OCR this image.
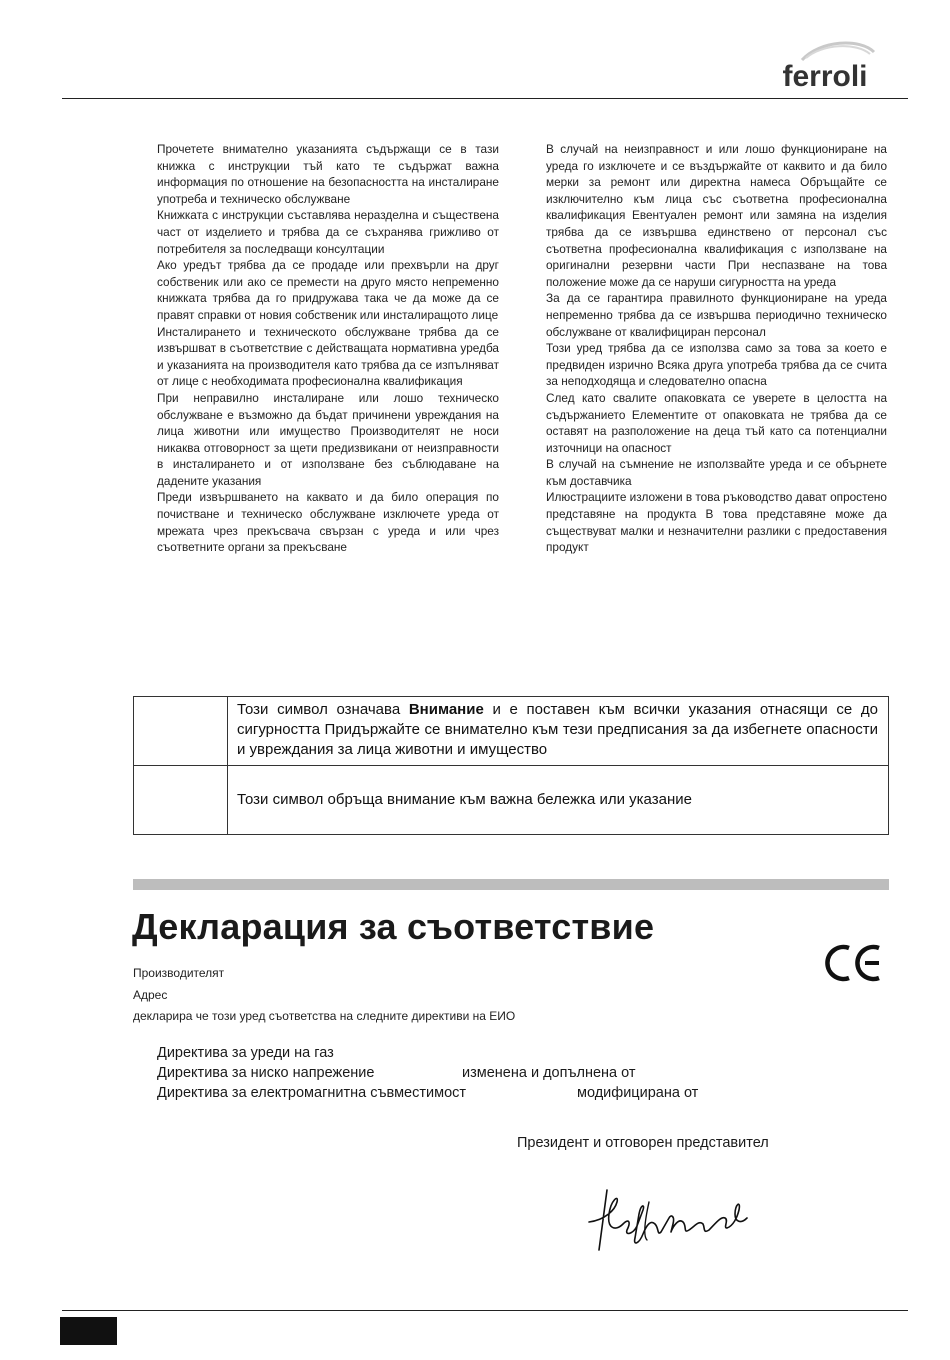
ferroli

Прочетете внимателно указанията съдържащи се в тази книжка с инструкции тъй като те съдържат важна информация по отношение на безопасността на инсталиране употреба и техническо обслужване

Книжката с инструкции съставлява неразделна и съществена част от изделието и трябва да се съхранява грижливо от потребителя за последващи консултации

Ако уредът трябва да се продаде или прехвърли на друг собственик или ако се премести на друго място непременно книжката трябва да го придружава така че да може да се правят справки от новия собственик или инсталиращото лице

Инсталирането и техническото обслужване трябва да се извършват в съответствие с действащата нормативна уредба и указанията на производителя като трябва да се изпълняват от лице с необходимата професионална квалификация

При неправилно инсталиране или лошо техническо обслужване е възможно да бъдат причинени увреждания на лица животни или имущество Производителят не носи никаква отговорност за щети предизвикани от неизправности в инсталирането и от използване без съблюдаване на дадените указания

Преди извършването на каквато и да било операция по почистване и техническо обслужване изключете уреда от мрежата чрез прекъсвача свързан с уреда и или чрез съответните органи за прекъсване

В случай на неизправност и или лошо функциониране на уреда го изключете и се въздържайте от каквито и да било мерки за ремонт или директна намеса Обръщайте се изключително към лица със съответна професионална квалификация Евентуален ремонт или замяна на изделия трябва да се извършва единствено от персонал със съответна професионална квалификация с използване на оригинални резервни части При неспазване на това положение може да се наруши сигурността на уреда

За да се гарантира правилното функциониране на уреда непременно трябва да се извършва периодично техническо обслужване от квалифициран персонал

Този уред трябва да се използва само за това за което е предвиден изрично Всяка друга употреба трябва да се счита за неподходяща и следователно опасна

След като свалите опаковката се уверете в целостта на съдържанието Елементите от опаковката не трябва да се оставят на разположение на деца тъй като са потенциални източници на опасност

В случай на съмнение не използвайте уреда и се обърнете към доставчика

Илюстрациите изложени в това ръководство дават опростено представяне на продукта В това представяне може да съществуват малки и незначителни разлики с предоставения продукт

	Този символ означава Внимание и е поставен към всички указания отнасящи се до сигурността Придържайте се внимателно към тези предписания за да избегнете опасности и увреждания за лица животни и имущество
	Този символ обръща внимание към важна бележка или указание
Декларация за съответствие
Производителят
Адрес
декларира че този уред съответства на следните директиви на ЕИО
Директива за уреди на газ
Директива за ниско напрежение	изменена и допълнена от
Директива за електромагнитна съвместимост	модифицирана от
Президент и отговорен представител
